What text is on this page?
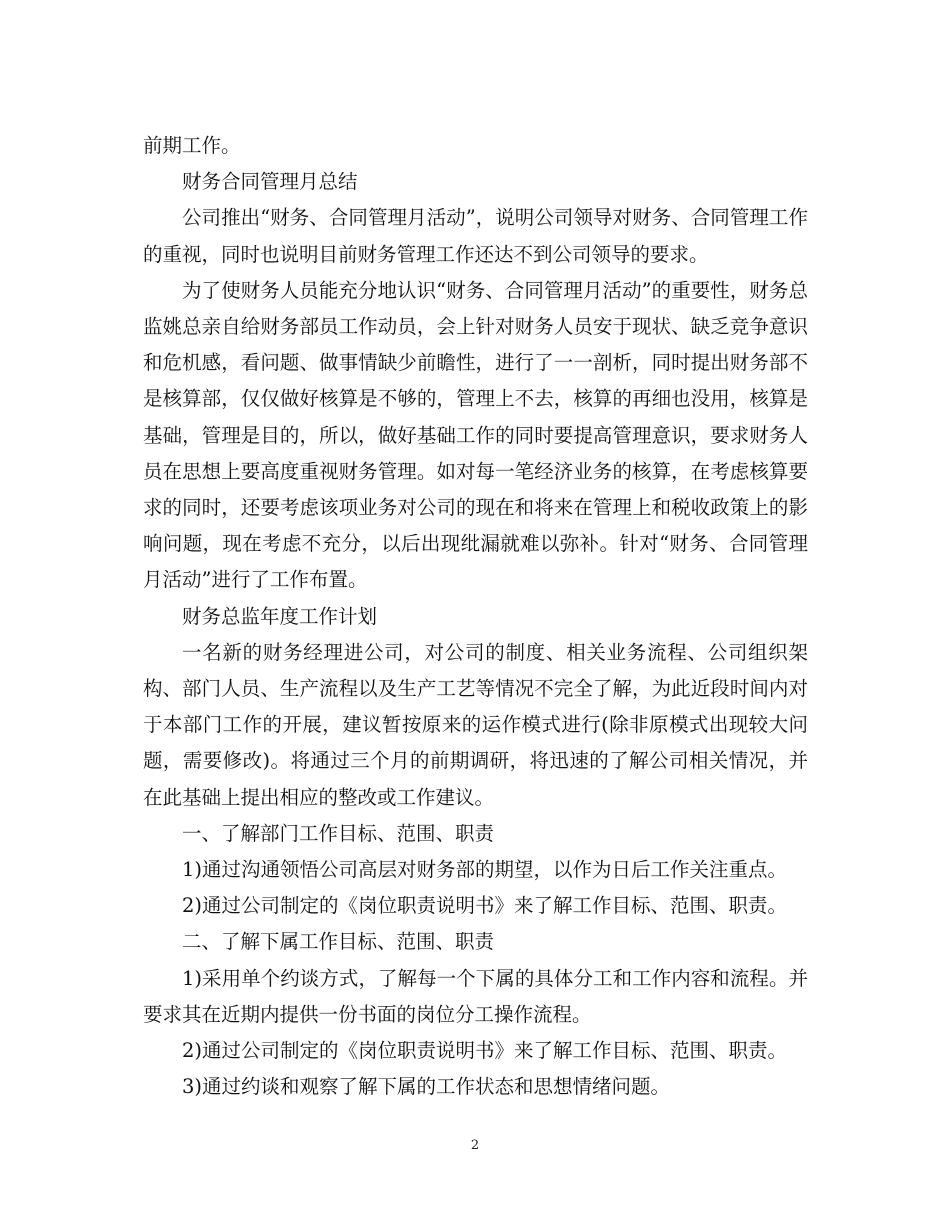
前期工作。

财务合同管理月总结

公司推出“财务、合同管理月活动”，说明公司领导对财务、合同管理工作的重视，同时也说明目前财务管理工作还达不到公司领导的要求。

为了使财务人员能充分地认识“财务、合同管理月活动”的重要性，财务总监姚总亲自给财务部员工作动员，会上针对财务人员安于现状、缺乏竞争意识和危机感，看问题、做事情缺少前瞻性，进行了一一剖析，同时提出财务部不是核算部，仅仅做好核算是不够的，管理上不去，核算的再细也没用，核算是基础，管理是目的，所以，做好基础工作的同时要提高管理意识，要求财务人员在思想上要高度重视财务管理。如对每一笔经济业务的核算，在考虑核算要求的同时，还要考虑该项业务对公司的现在和将来在管理上和税收政策上的影响问题，现在考虑不充分，以后出现纰漏就难以弥补。针对“财务、合同管理月活动”进行了工作布置。

财务总监年度工作计划

一名新的财务经理进公司，对公司的制度、相关业务流程、公司组织架构、部门人员、生产流程以及生产工艺等情况不完全了解，为此近段时间内对于本部门工作的开展，建议暂按原来的运作模式进行(除非原模式出现较大问题，需要修改)。将通过三个月的前期调研，将迅速的了解公司相关情况，并在此基础上提出相应的整改或工作建议。

一、了解部门工作目标、范围、职责

1)通过沟通领悟公司高层对财务部的期望，以作为日后工作关注重点。

2)通过公司制定的《岗位职责说明书》来了解工作目标、范围、职责。

二、了解下属工作目标、范围、职责

1)采用单个约谈方式，了解每一个下属的具体分工和工作内容和流程。并要求其在近期内提供一份书面的岗位分工操作流程。

2)通过公司制定的《岗位职责说明书》来了解工作目标、范围、职责。

3)通过约谈和观察了解下属的工作状态和思想情绪问题。

2
